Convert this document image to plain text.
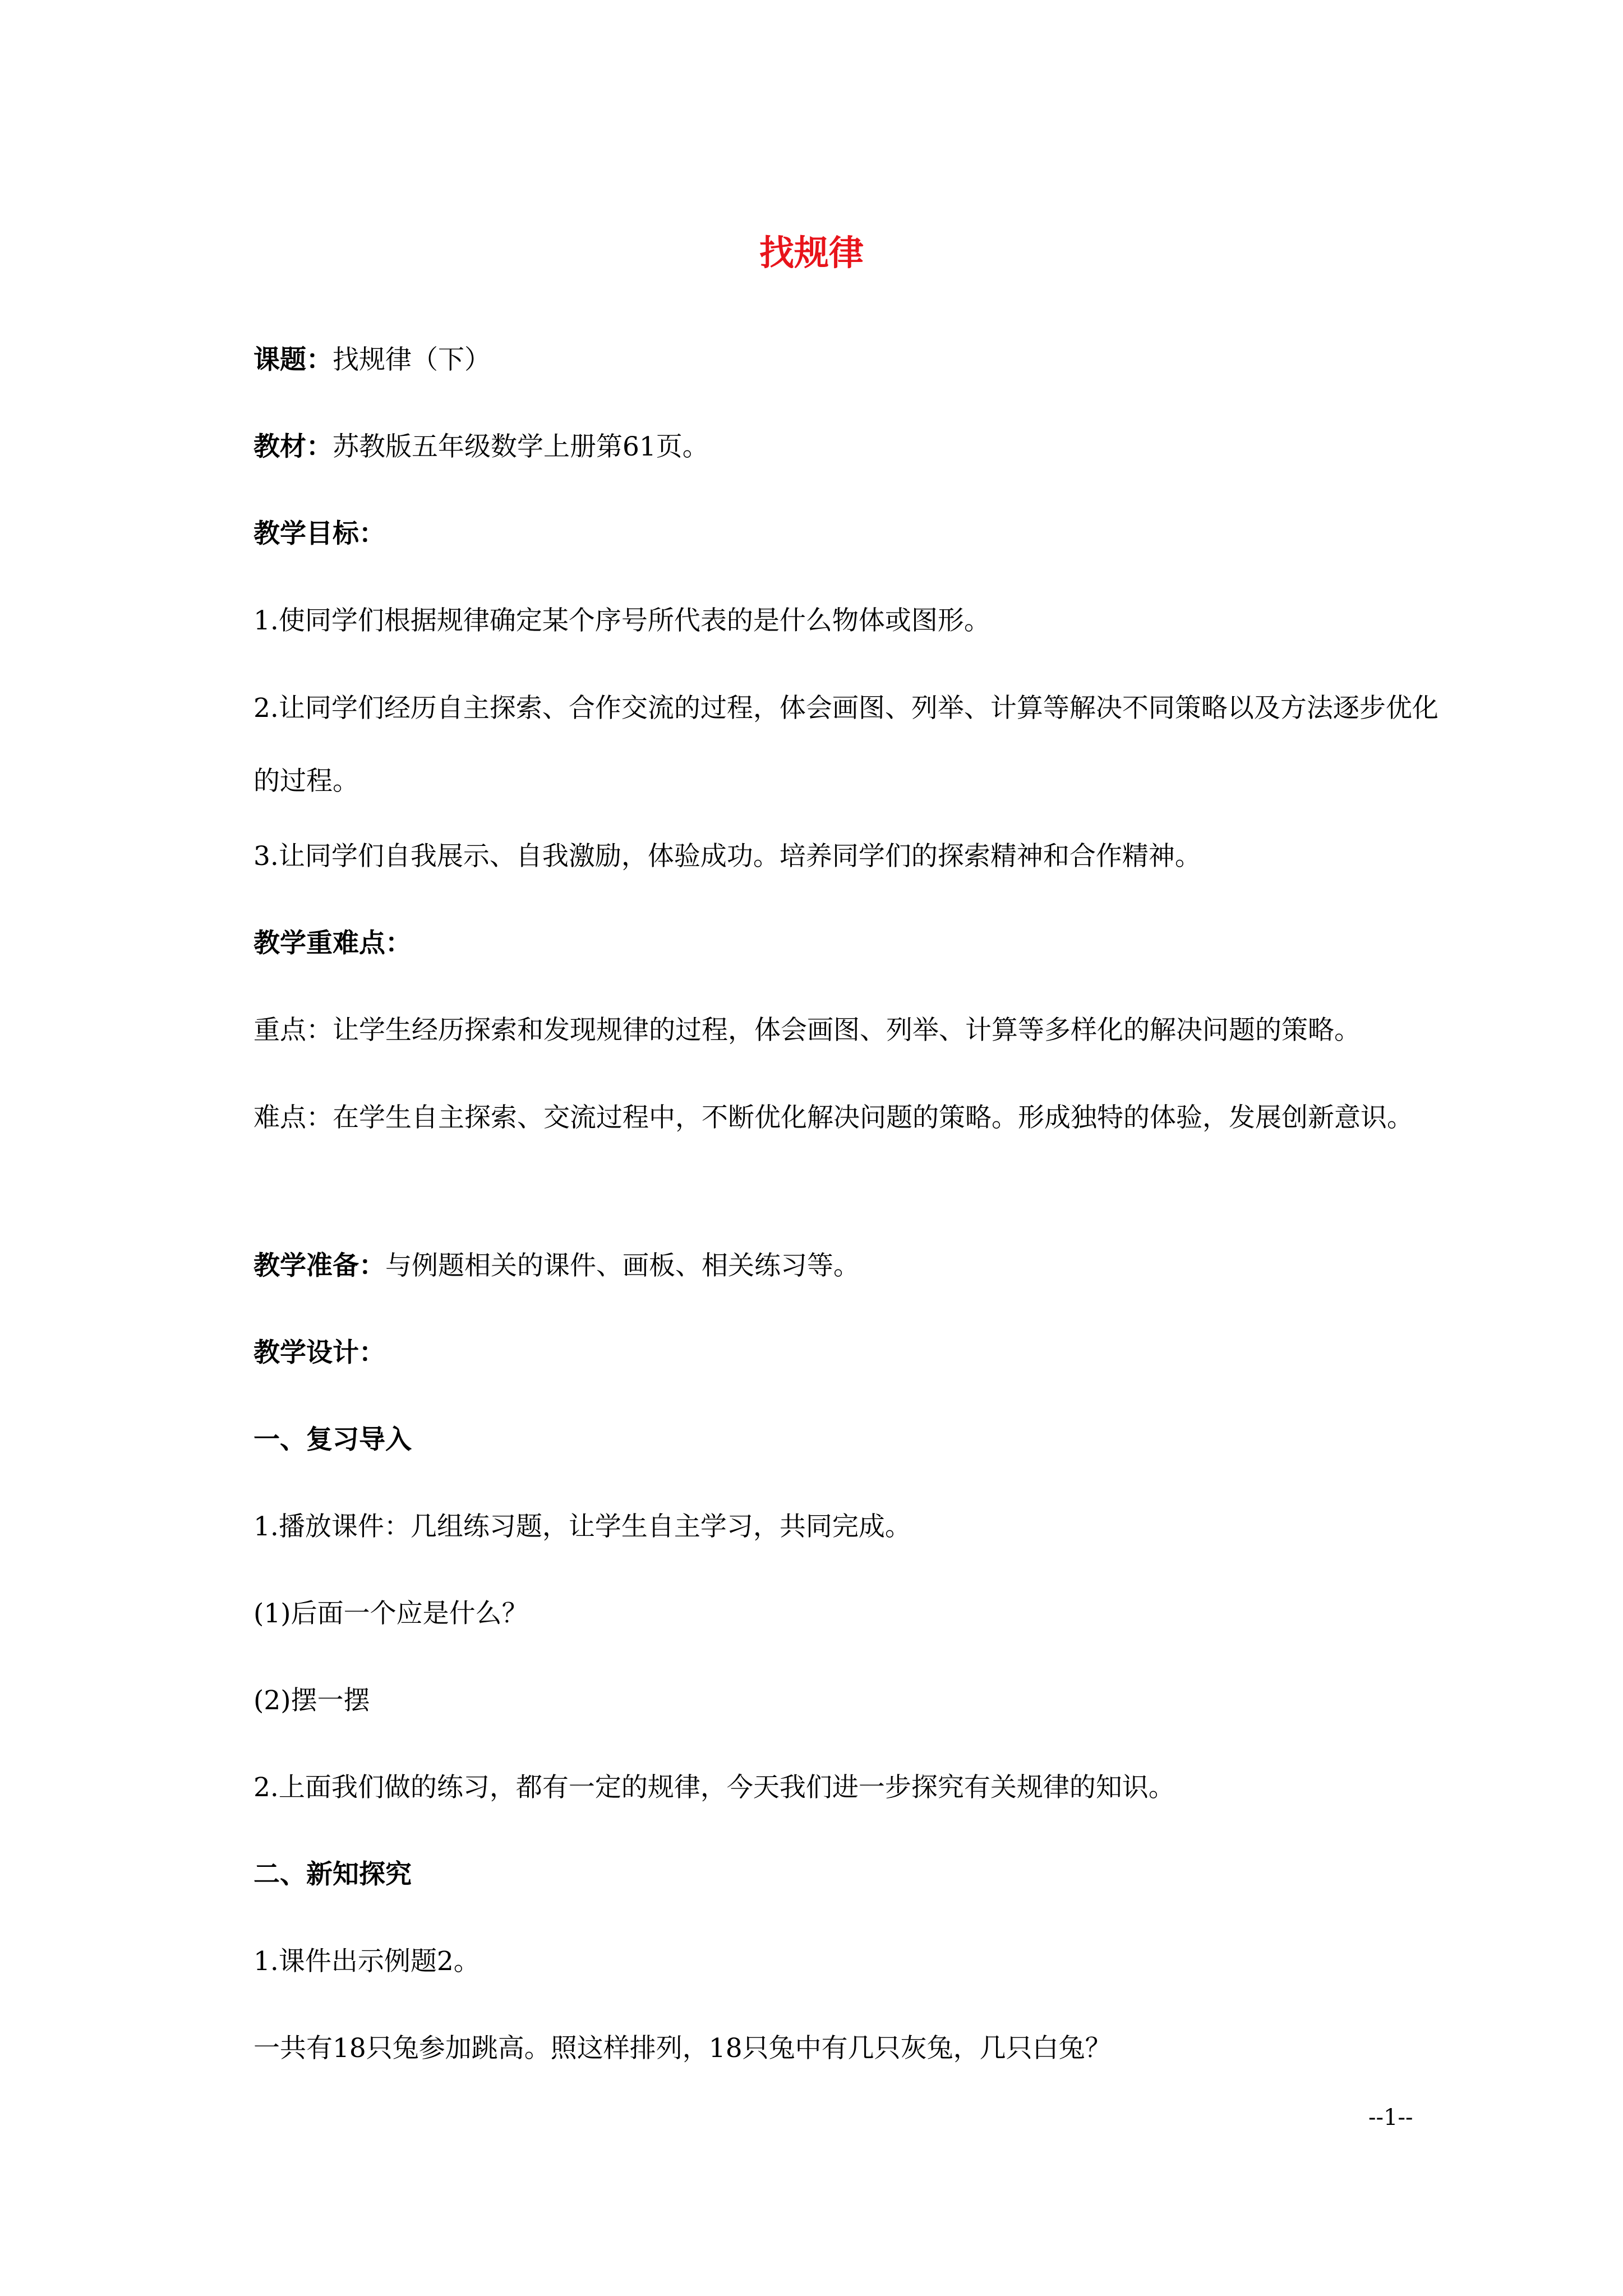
找规律
课题：找规律（下）
教材：苏教版五年级数学上册第61页。
教学目标：
1.使同学们根据规律确定某个序号所代表的是什么物体或图形。
2.让同学们经历自主探索、合作交流的过程，体会画图、列举、计算等解决不同策略以及方法逐步优化的过程。
3.让同学们自我展示、自我激励，体验成功。培养同学们的探索精神和合作精神。
教学重难点：
重点：让学生经历探索和发现规律的过程，体会画图、列举、计算等多样化的解决问题的策略。
难点：在学生自主探索、交流过程中，不断优化解决问题的策略。形成独特的体验，发展创新意识。
教学准备：与例题相关的课件、画板、相关练习等。
教学设计：
一、复习导入
1.播放课件：几组练习题，让学生自主学习，共同完成。
(1)后面一个应是什么？
(2)摆一摆
2.上面我们做的练习，都有一定的规律，今天我们进一步探究有关规律的知识。
二、新知探究
1.课件出示例题2。
一共有18只兔参加跳高。照这样排列，18只兔中有几只灰兔，几只白兔？
--1--
